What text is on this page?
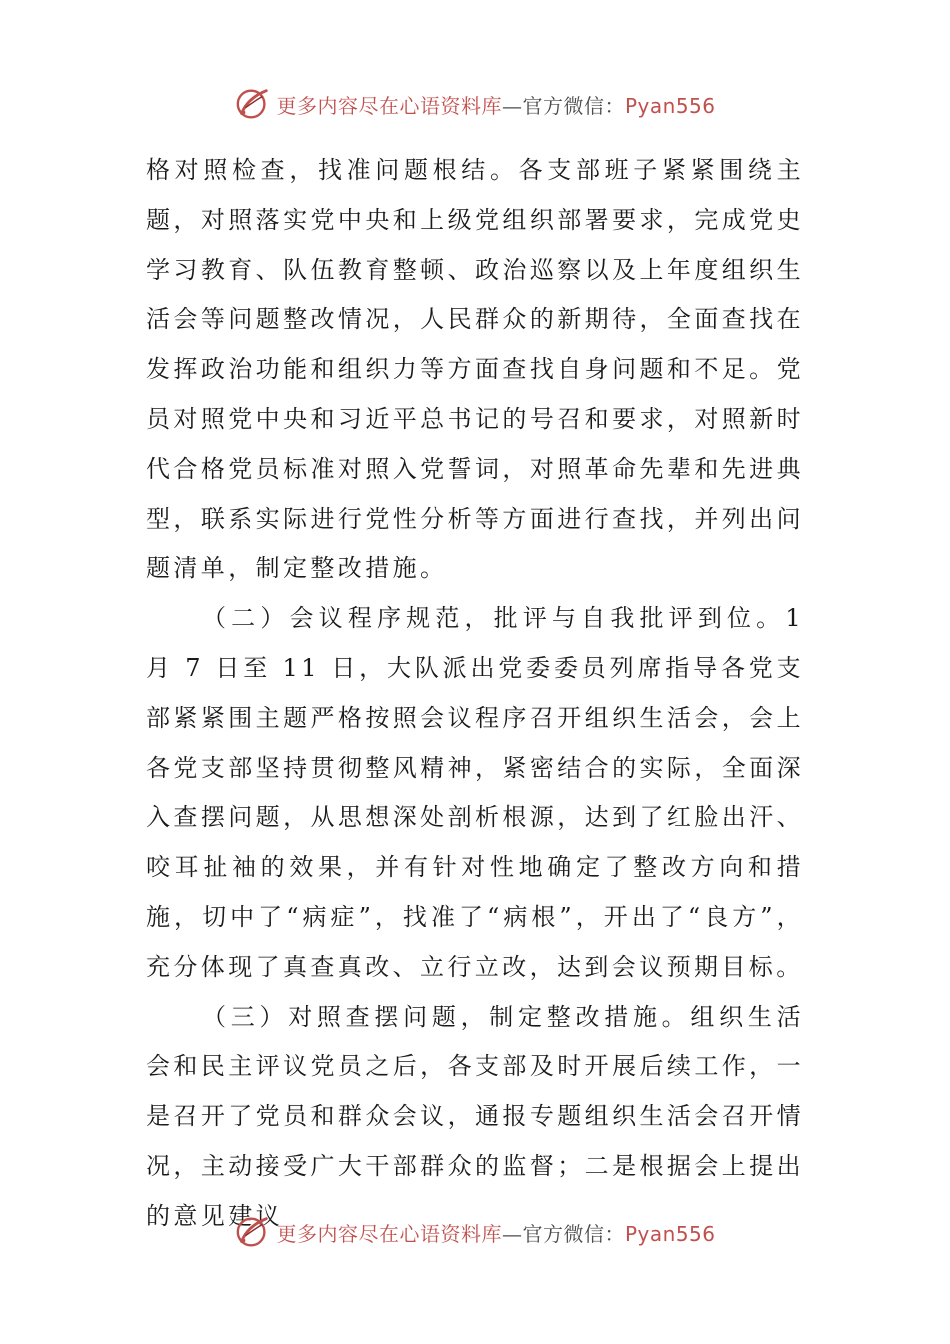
更多内容尽在心语资料库—官方微信：Pyan556

格对照检查，找准问题根结。各支部班子紧紧围绕主题，对照落实党中央和上级党组织部署要求，完成党史学习教育、队伍教育整顿、政治巡察以及上年度组织生活会等问题整改情况，人民群众的新期待，全面查找在发挥政治功能和组织力等方面查找自身问题和不足。党员对照党中央和习近平总书记的号召和要求，对照新时代合格党员标准对照入党誓词，对照革命先辈和先进典型，联系实际进行党性分析等方面进行查找，并列出问题清单，制定整改措施。

（二）会议程序规范，批评与自我批评到位。1 月 7 日至 11 日，大队派出党委委员列席指导各党支部紧紧围主题严格按照会议程序召开组织生活会，会上各党支部坚持贯彻整风精神，紧密结合的实际，全面深入查摆问题，从思想深处剖析根源，达到了红脸出汗、咬耳扯袖的效果，并有针对性地确定了整改方向和措施，切中了“病症”，找准了“病根”，开出了“良方”，充分体现了真查真改、立行立改，达到会议预期目标。

（三）对照查摆问题，制定整改措施。组织生活会和民主评议党员之后，各支部及时开展后续工作，一是召开了党员和群众会议，通报专题组织生活会召开情况，主动接受广大干部群众的监督；二是根据会上提出的意见建议

更多内容尽在心语资料库—官方微信：Pyan556
